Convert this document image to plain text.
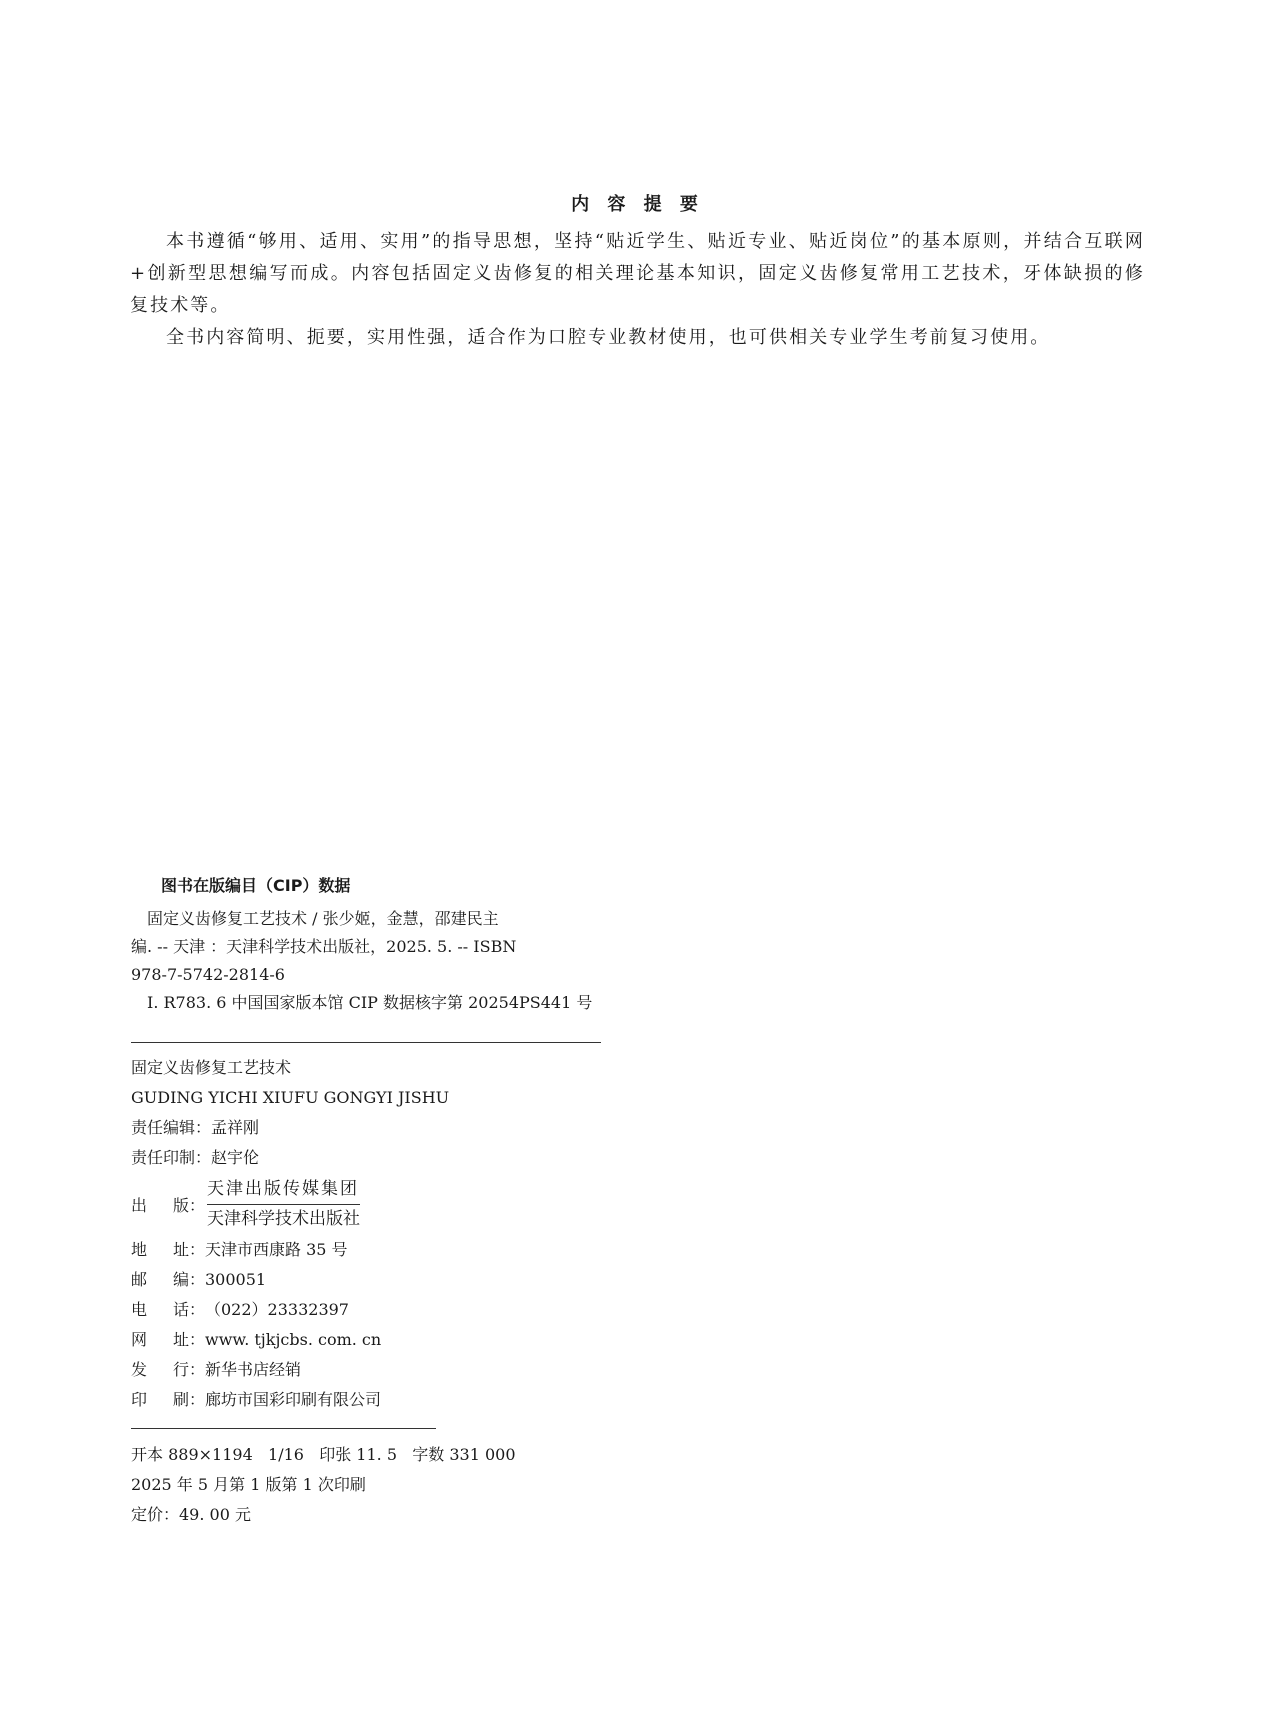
内 容 提 要

本书遵循“够用、适用、实用”的指导思想，坚持“贴近学生、贴近专业、贴近岗位”的基本原则，并结合互联网+创新型思想编写而成。内容包括固定义齿修复的相关理论基本知识，固定义齿修复常用工艺技术，牙体缺损的修复技术等。

全书内容简明、扼要，实用性强，适合作为口腔专业教材使用，也可供相关专业学生考前复习使用。

图书在版编目（CIP）数据

固定义齿修复工艺技术 / 张少姬，金慧，邵建民主

编. -- 天津 ：天津科学技术出版社，2025. 5. -- ISBN

978-7-5742-2814-6

Ⅰ. R783. 6 中国国家版本馆 CIP 数据核字第 20254PS441 号

固定义齿修复工艺技术
GUDING YICHI XIUFU GONGYI JISHU
责任编辑： 孟祥刚
责任印制： 赵宇伦
出 版：
天津出版传媒集团
天津科学技术出版社
地 址： 天津市西康路 35 号
邮 编： 300051
电 话： （022）23332397
网 址： www. tjkjcbs. com. cn
发 行： 新华书店经销
印 刷： 廊坊市国彩印刷有限公司
开本 889×1194   1/16   印张 11. 5   字数 331 000
2025 年 5 月第 1 版第 1 次印刷
定价：49. 00 元
